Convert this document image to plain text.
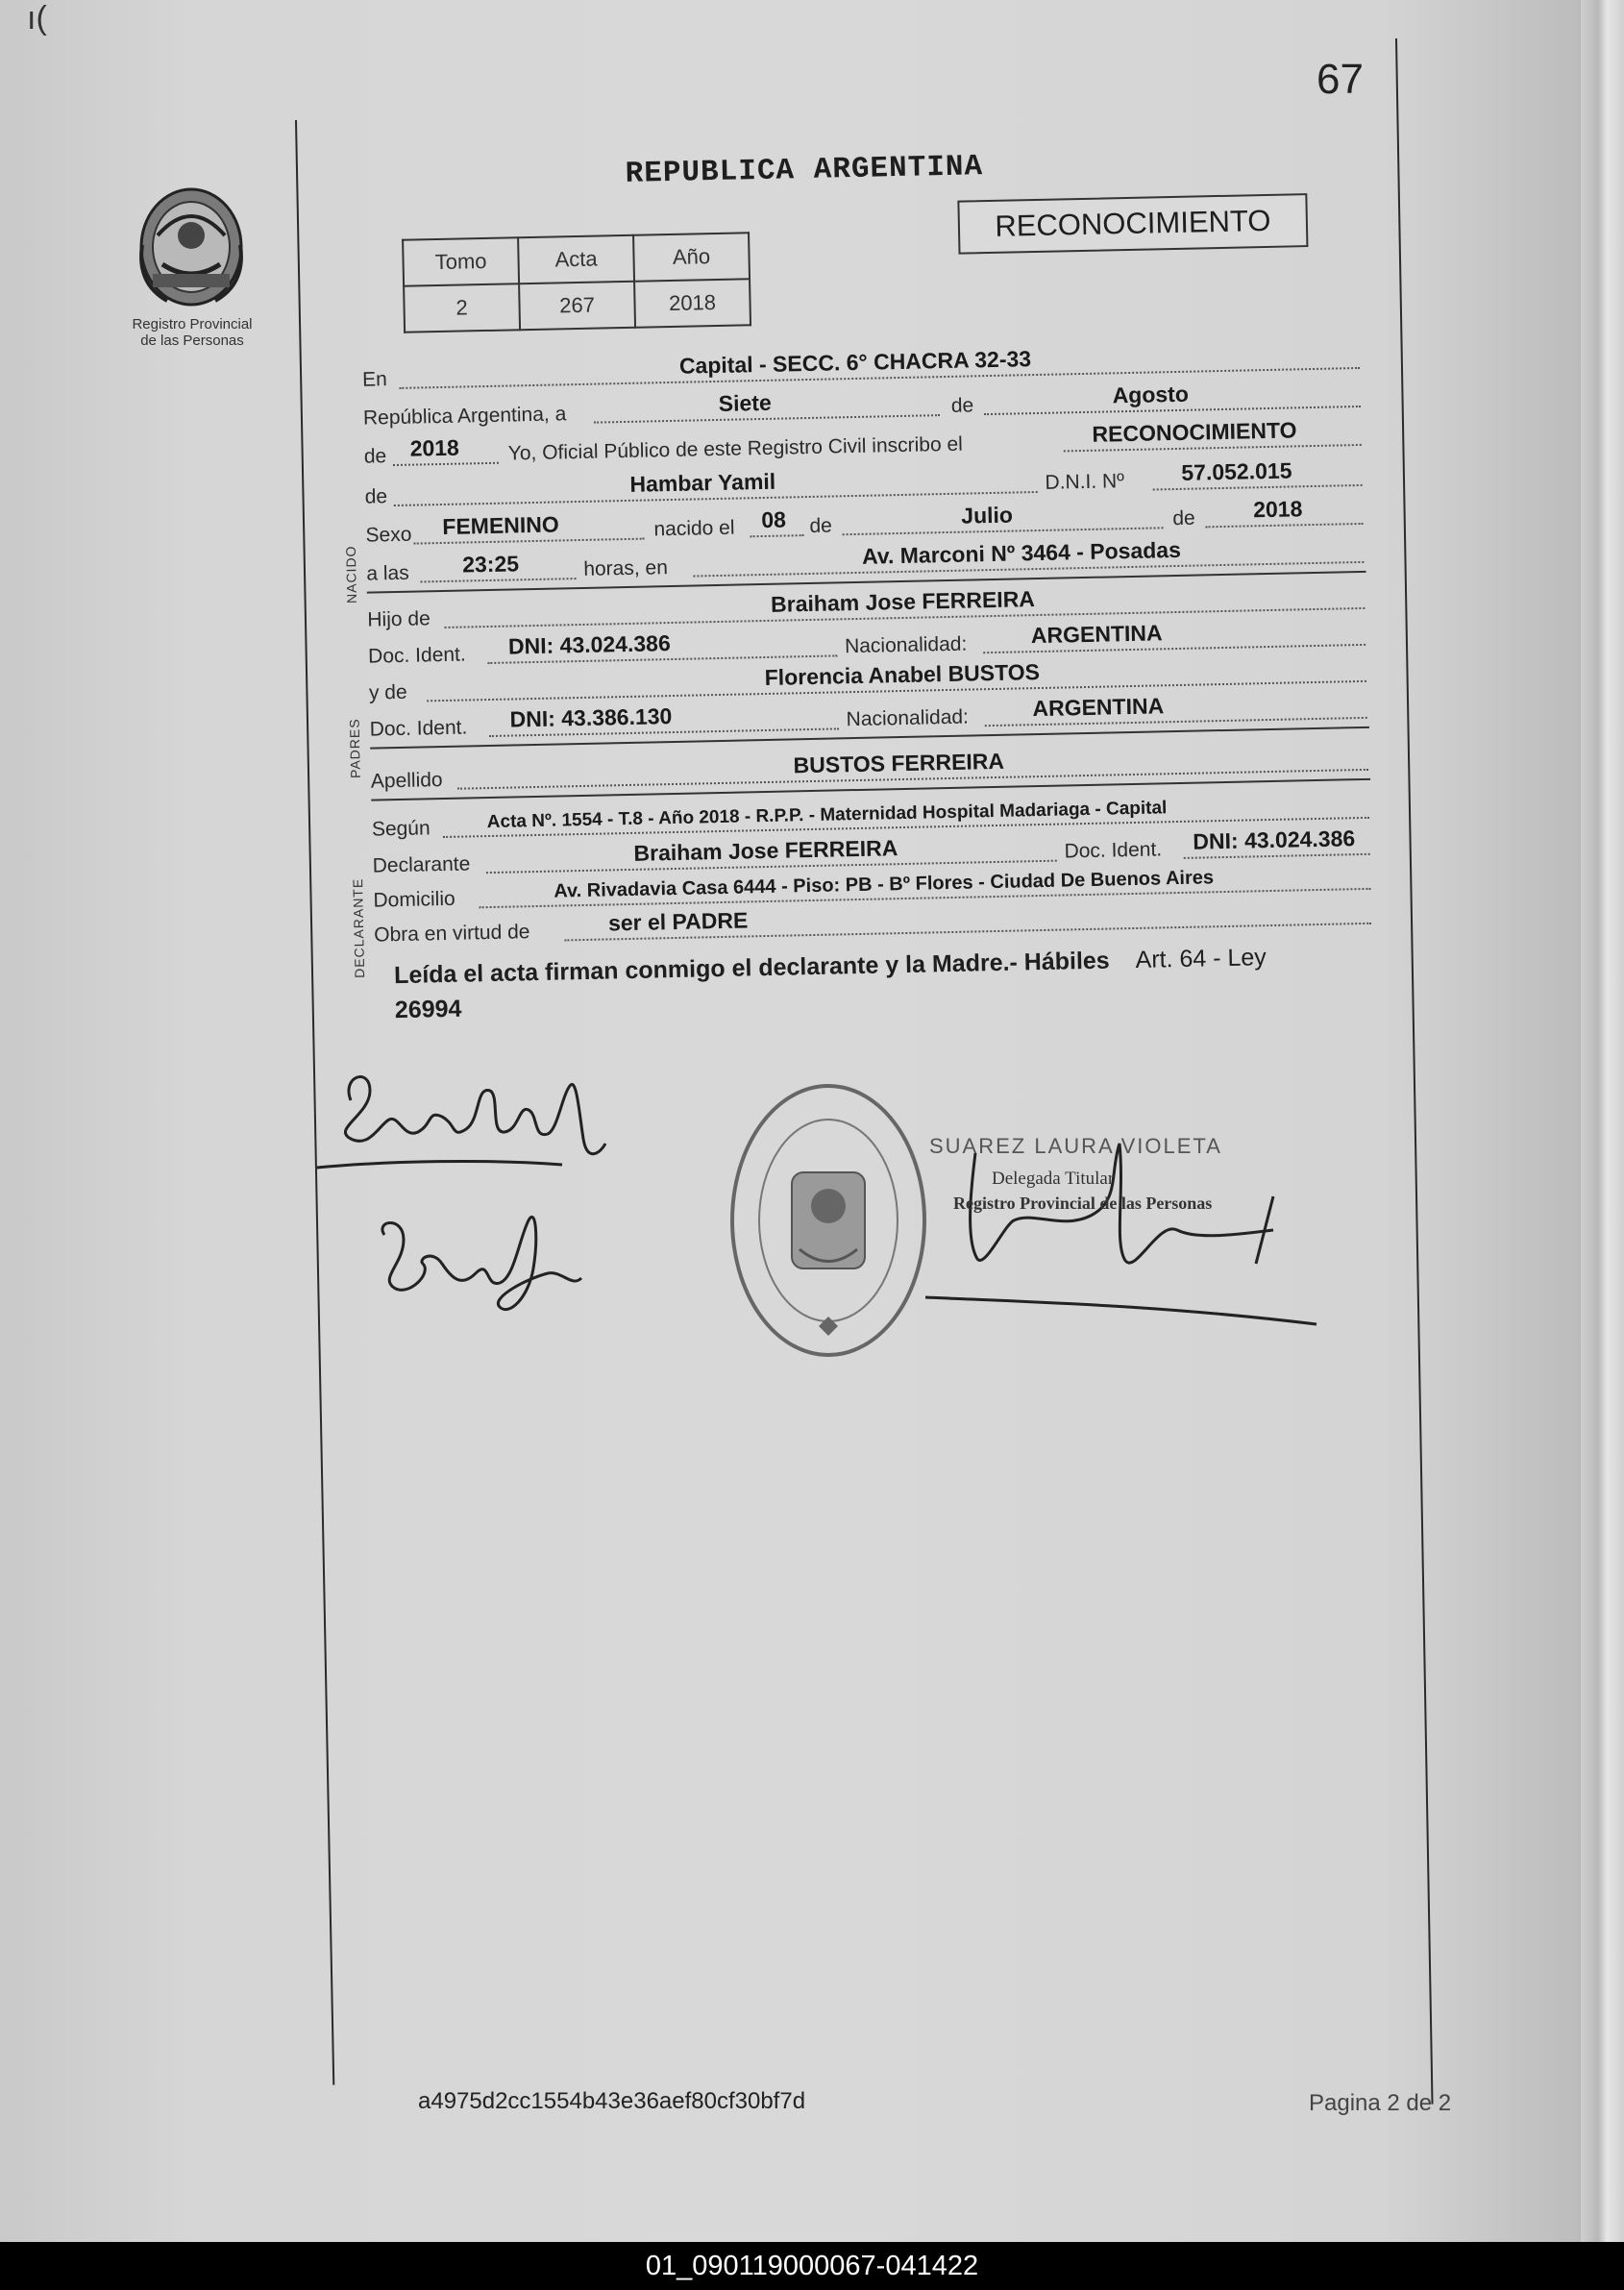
ı(
67
Registro Provincial
de las Personas
REPUBLICA ARGENTINA
RECONOCIMIENTO
Tomo	Acta	Año
2	267	2018
En
Capital - SECC. 6° CHACRA 32-33
República Argentina, a	Siete	de	Agosto
de 2018 Yo, Oficial Público de este Registro Civil inscribo el
RECONOCIMIENTO
NACIDO
de
Hambar Yamil	D.N.I. Nº	57.052.015
Sexo FEMENINO	nacido el 08 de	Julio	de	2018
a las 23:25	horas, en	Av. Marconi Nº 3464 - Posadas
PADRES
Hijo de
Braiham Jose FERREIRA
Doc. Ident. DNI: 43.024.386	Nacionalidad:	ARGENTINA
y de
Florencia Anabel BUSTOS
Doc. Ident. DNI: 43.386.130	Nacionalidad:	ARGENTINA
Apellido
BUSTOS FERREIRA
DECLARANTE
Según	Acta Nº. 1554 - T.8 - Año 2018 - R.P.P. - Maternidad Hospital Madariaga - Capital
Declarante	Braiham Jose FERREIRA	Doc. Ident. DNI: 43.024.386
Domicilio	Av. Rivadavia Casa 6444 - Piso: PB - Bº Flores - Ciudad De Buenos Aires
Obra en virtud de	ser el PADRE
Leída el acta firman conmigo el declarante y la Madre.- Hábiles Art. 64 - Ley
26994
SUAREZ LAURA VIOLETA
Delegada Titular
Registro Provincial de las Personas
a4975d2cc1554b43e36aef80cf30bf7d	Pagina 2 de 2
01_090119000067-041422
